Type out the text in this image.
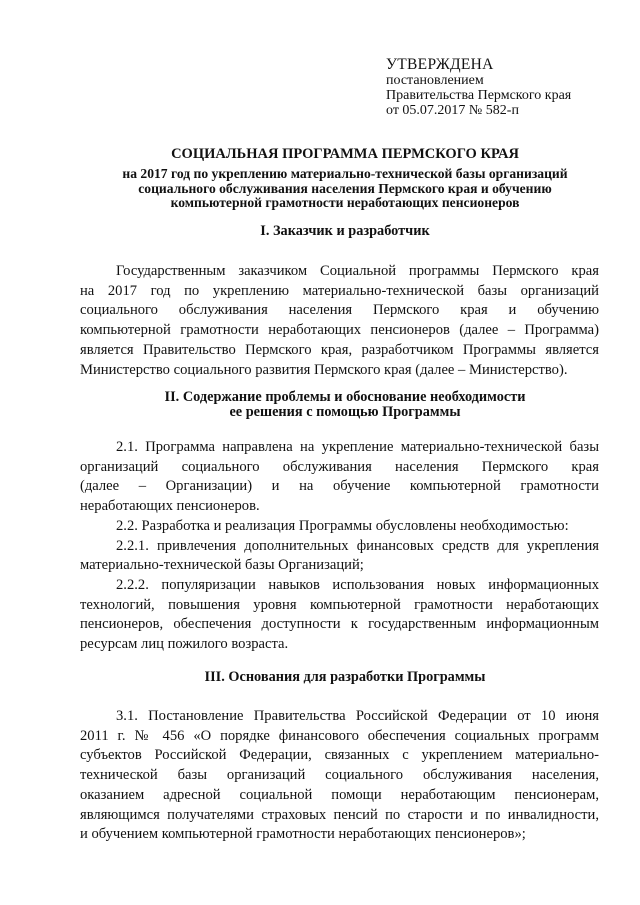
УТВЕРЖДЕНА
постановлением
Правительства Пермского края
от 05.07.2017 № 582-п
СОЦИАЛЬНАЯ ПРОГРАММА ПЕРМСКОГО КРАЯ
на 2017 год по укреплению материально-технической базы организаций
социального обслуживания населения Пермского края и обучению
компьютерной грамотности неработающих пенсионеров
I. Заказчик и разработчик
Государственным заказчиком Социальной программы Пермского края
на 2017 год по укреплению материально-технической базы организаций
социального обслуживания населения Пермского края и обучению
компьютерной грамотности неработающих пенсионеров (далее – Программа)
является Правительство Пермского края, разработчиком Программы является
Министерство социального развития Пермского края (далее – Министерство).
II. Содержание проблемы и обоснование необходимости
ее решения с помощью Программы
2.1. Программа направлена на укрепление материально-технической базы
организаций социального обслуживания населения Пермского края
(далее – Организации) и на обучение компьютерной грамотности
неработающих пенсионеров.
2.2. Разработка и реализация Программы обусловлены необходимостью:
2.2.1. привлечения дополнительных финансовых средств для укрепления
материально-технической базы Организаций;
2.2.2. популяризации навыков использования новых информационных
технологий, повышения уровня компьютерной грамотности неработающих
пенсионеров, обеспечения доступности к государственным информационным
ресурсам лиц пожилого возраста.
III. Основания для разработки Программы
3.1. Постановление Правительства Российской Федерации от 10 июня
2011 г. № 456 «О порядке финансового обеспечения социальных программ
субъектов Российской Федерации, связанных с укреплением материально-
технической базы организаций социального обслуживания населения,
оказанием адресной социальной помощи неработающим пенсионерам,
являющимся получателями страховых пенсий по старости и по инвалидности,
и обучением компьютерной грамотности неработающих пенсионеров»;
